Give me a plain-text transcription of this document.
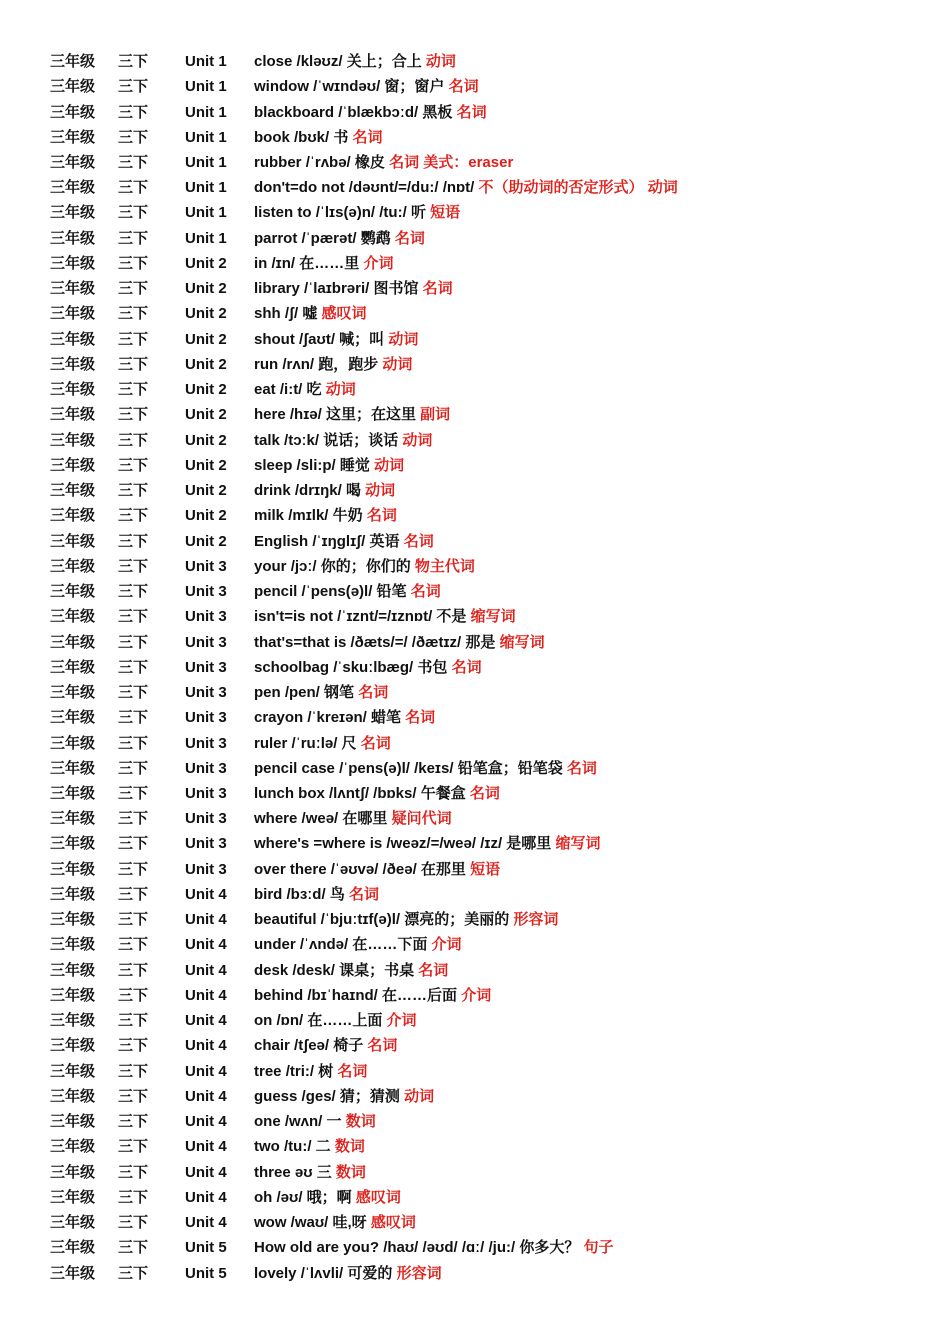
三年级 三下 Unit 1 close /kləʊz/ 关上；合上 动词
三年级 三下 Unit 1 window /ˈwɪndəʊ/ 窗；窗户 名词
三年级 三下 Unit 1 blackboard /ˈblækbɔːd/ 黑板 名词
三年级 三下 Unit 1 book /bʊk/ 书 名词
三年级 三下 Unit 1 rubber /ˈrʌbə/ 橡皮 名词 美式：eraser
三年级 三下 Unit 1 don't=do not /dəʊnt/=/du:/ /nɒt/ 不（助动词的否定形式） 动词
三年级 三下 Unit 1 listen to /ˈlɪs(ə)n/ /tu:/ 听 短语
三年级 三下 Unit 1 parrot /ˈpærət/ 鹦鹉 名词
三年级 三下 Unit 2 in /ɪn/ 在……里 介词
三年级 三下 Unit 2 library /ˈlaɪbrəri/ 图书馆 名词
三年级 三下 Unit 2 shh /ʃ/ 嘘 感叹词
三年级 三下 Unit 2 shout /ʃaʊt/ 喊；叫 动词
三年级 三下 Unit 2 run /rʌn/ 跑，跑步 动词
三年级 三下 Unit 2 eat /i:t/ 吃 动词
三年级 三下 Unit 2 here /hɪə/ 这里；在这里 副词
三年级 三下 Unit 2 talk /tɔːk/ 说话；谈话 动词
三年级 三下 Unit 2 sleep /sli:p/ 睡觉 动词
三年级 三下 Unit 2 drink /drɪŋk/ 喝 动词
三年级 三下 Unit 2 milk /mɪlk/ 牛奶 名词
三年级 三下 Unit 2 English /ˈɪŋglɪʃ/ 英语 名词
三年级 三下 Unit 3 your /jɔː/ 你的；你们的 物主代词
三年级 三下 Unit 3 pencil /ˈpens(ə)l/ 铅笔 名词
三年级 三下 Unit 3 isn't=is not /ˈɪznt/=/ɪznɒt/ 不是 缩写词
三年级 三下 Unit 3 that's=that is /ðæts/=/ /ðætɪz/ 那是 缩写词
三年级 三下 Unit 3 schoolbag /ˈskuːlbæg/ 书包 名词
三年级 三下 Unit 3 pen /pen/ 钢笔 名词
三年级 三下 Unit 3 crayon /ˈkreɪən/ 蜡笔 名词
三年级 三下 Unit 3 ruler /ˈruːlə/ 尺 名词
三年级 三下 Unit 3 pencil case /ˈpens(ə)l/ /keɪs/ 铅笔盒；铅笔袋 名词
三年级 三下 Unit 3 lunch box /lʌntʃ/ /bɒks/ 午餐盒 名词
三年级 三下 Unit 3 where /weə/ 在哪里 疑问代词
三年级 三下 Unit 3 where's =where is /weəz/=/weə/ /ɪz/ 是哪里 缩写词
三年级 三下 Unit 3 over there /ˈəʊvə/ /ðeə/ 在那里 短语
三年级 三下 Unit 4 bird /bɜːd/ 鸟 名词
三年级 三下 Unit 4 beautiful /ˈbjuːtɪf(ə)l/ 漂亮的；美丽的 形容词
三年级 三下 Unit 4 under /ˈʌndə/ 在……下面 介词
三年级 三下 Unit 4 desk /desk/ 课桌；书桌 名词
三年级 三下 Unit 4 behind /bɪˈhaɪnd/ 在……后面 介词
三年级 三下 Unit 4 on /ɒn/ 在……上面 介词
三年级 三下 Unit 4 chair /tʃeə/ 椅子 名词
三年级 三下 Unit 4 tree /tri:/ 树 名词
三年级 三下 Unit 4 guess /ges/ 猜；猜测 动词
三年级 三下 Unit 4 one /wʌn/ 一 数词
三年级 三下 Unit 4 two /tu:/ 二 数词
三年级 三下 Unit 4 three əʊ 三 数词
三年级 三下 Unit 4 oh /əʊ/ 哦；啊 感叹词
三年级 三下 Unit 4 wow /waʊ/ 哇,呀 感叹词
三年级 三下 Unit 5 How old are you? /haʊ/ /əʊd/ /ɑː/ /ju:/ 你多大？ 句子
三年级 三下 Unit 5 lovely /ˈlʌvli/ 可爱的 形容词
